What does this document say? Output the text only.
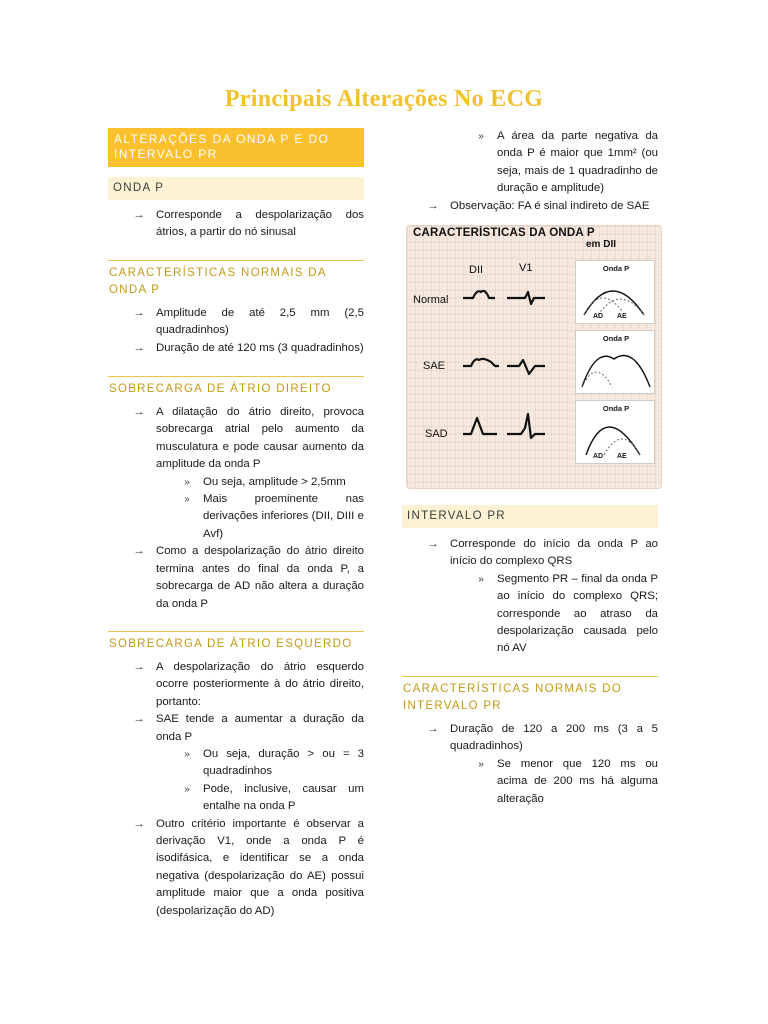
Principais Alterações No ECG
ALTERAÇÕES DA ONDA P E DO INTERVALO PR
ONDA P
→ Corresponde a despolarização dos átrios, a partir do nó sinusal
CARACTERÍSTICAS NORMAIS DA ONDA P
→ Amplitude de até 2,5 mm (2,5 quadradinhos)
→ Duração de até 120 ms (3 quadradinhos)
SOBRECARGA DE ÁTRIO DIREITO
→ A dilatação do átrio direito, provoca sobrecarga atrial pelo aumento da musculatura e pode causar aumento da amplitude da onda P
»	Ou seja, amplitude > 2,5mm
»	Mais proeminente nas derivações inferiores (DII, DIII e Avf)
→ Como a despolarização do átrio direito termina antes do final da onda P, a sobrecarga de AD não altera a duração da onda P
SOBRECARGA DE ÁTRIO ESQUERDO
→ A despolarização do átrio esquerdo ocorre posteriormente à do átrio direito, portanto:
→ SAE tende a aumentar a duração da onda P
»	Ou seja, duração > ou = 3 quadradinhos
»	Pode, inclusive, causar um entalhe na onda P
→ Outro critério importante é observar a derivação V1, onde a onda P é isodifásica, e identificar se a onda negativa (despolarização do AE) possui amplitude maior que a onda positiva (despolarização do AD)
»	A área da parte negativa da onda P é maior que 1mm² (ou seja, mais de 1 quadradinho de duração e amplitude)
→ Observação: FA é sinal indireto de SAE
CARACTERÍSTICAS DA ONDA P
em DII
DII	V1
Normal
SAE
SAD
Onda P
AD AE
Onda P
Onda P
AD AE
INTERVALO PR
→ Corresponde do início da onda P ao início do complexo QRS
»	Segmento PR – final da onda P ao início do complexo QRS; corresponde ao atraso da despolarização causada pelo nó AV
CARACTERÍSTICAS NORMAIS DO INTERVALO PR
→ Duração de 120 a 200 ms (3 a 5 quadradinhos)
»	Se menor que 120 ms ou acima de 200 ms há alguma alteração
